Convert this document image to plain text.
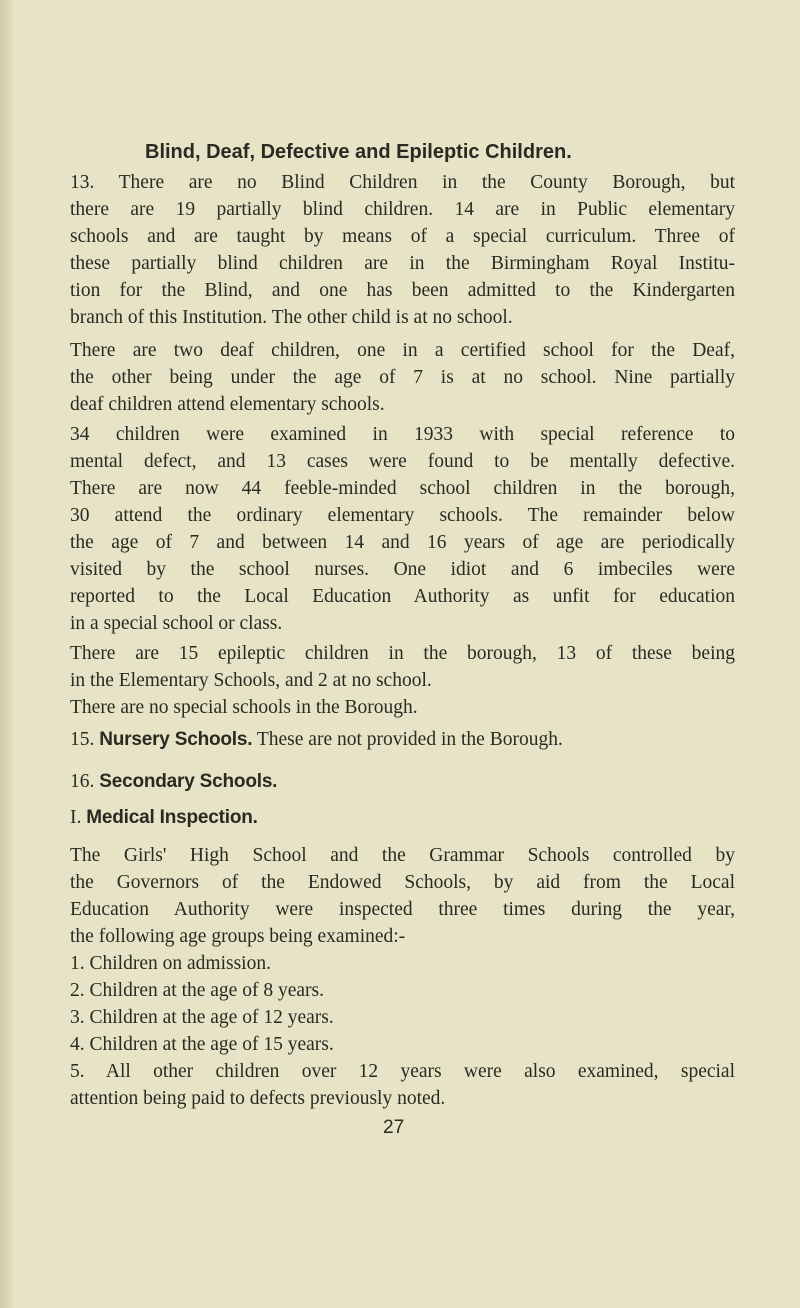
Blind, Deaf, Defective and Epileptic Children.
13. There are no Blind Children in the County Borough, but
there are 19 partially blind children. 14 are in Public elementary
schools and are taught by means of a special curriculum. Three of
these partially blind children are in the Birmingham Royal Institu-
tion for the Blind, and one has been admitted to the Kindergarten
branch of this Institution. The other child is at no school.
There are two deaf children, one in a certified school for the Deaf,
the other being under the age of 7 is at no school. Nine partially
deaf children attend elementary schools.
34 children were examined in 1933 with special reference to
mental defect, and 13 cases were found to be mentally defective.
There are now 44 feeble-minded school children in the borough,
30 attend the ordinary elementary schools. The remainder below
the age of 7 and between 14 and 16 years of age are periodically
visited by the school nurses. One idiot and 6 imbeciles were
reported to the Local Education Authority as unfit for education
in a special school or class.
There are 15 epileptic children in the borough, 13 of these being
in the Elementary Schools, and 2 at no school.
There are no special schools in the Borough.
15. Nursery Schools. These are not provided in the Borough.
16. Secondary Schools.
I. Medical Inspection.
The Girls' High School and the Grammar Schools controlled by
the Governors of the Endowed Schools, by aid from the Local
Education Authority were inspected three times during the year,
the following age groups being examined:-
1. Children on admission.
2. Children at the age of 8 years.
3. Children at the age of 12 years.
4. Children at the age of 15 years.
5. All other children over 12 years were also examined, special
attention being paid to defects previously noted.
27
